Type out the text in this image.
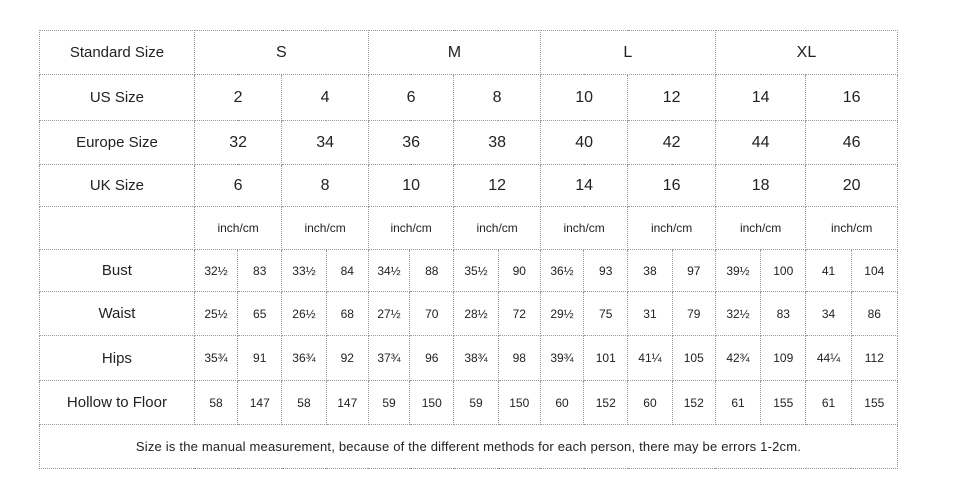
Standard Size	S				M				L				XL			
US Size	2		4		6		8		10		12		14		16	
Europe Size	32		34		36		38		40		42		44		46	
UK Size	6		8		10		12		14		16		18		20	
	inch/cm		inch/cm		inch/cm		inch/cm		inch/cm		inch/cm		inch/cm		inch/cm	
Bust	32½	83	33½	84	34½	88	35½	90	36½	93	38	97	39½	100	41	104
Waist	25½	65	26½	68	27½	70	28½	72	29½	75	31	79	32½	83	34	86
Hips	35¾	91	36¾	92	37¾	96	38¾	98	39¾	101	41¼	105	42¾	109	44¼	112
Hollow to Floor	58	147	58	147	59	150	59	150	60	152	60	152	61	155	61	155
Size is the manual measurement, because of the different methods for each person, there may be errors 1-2cm.																
